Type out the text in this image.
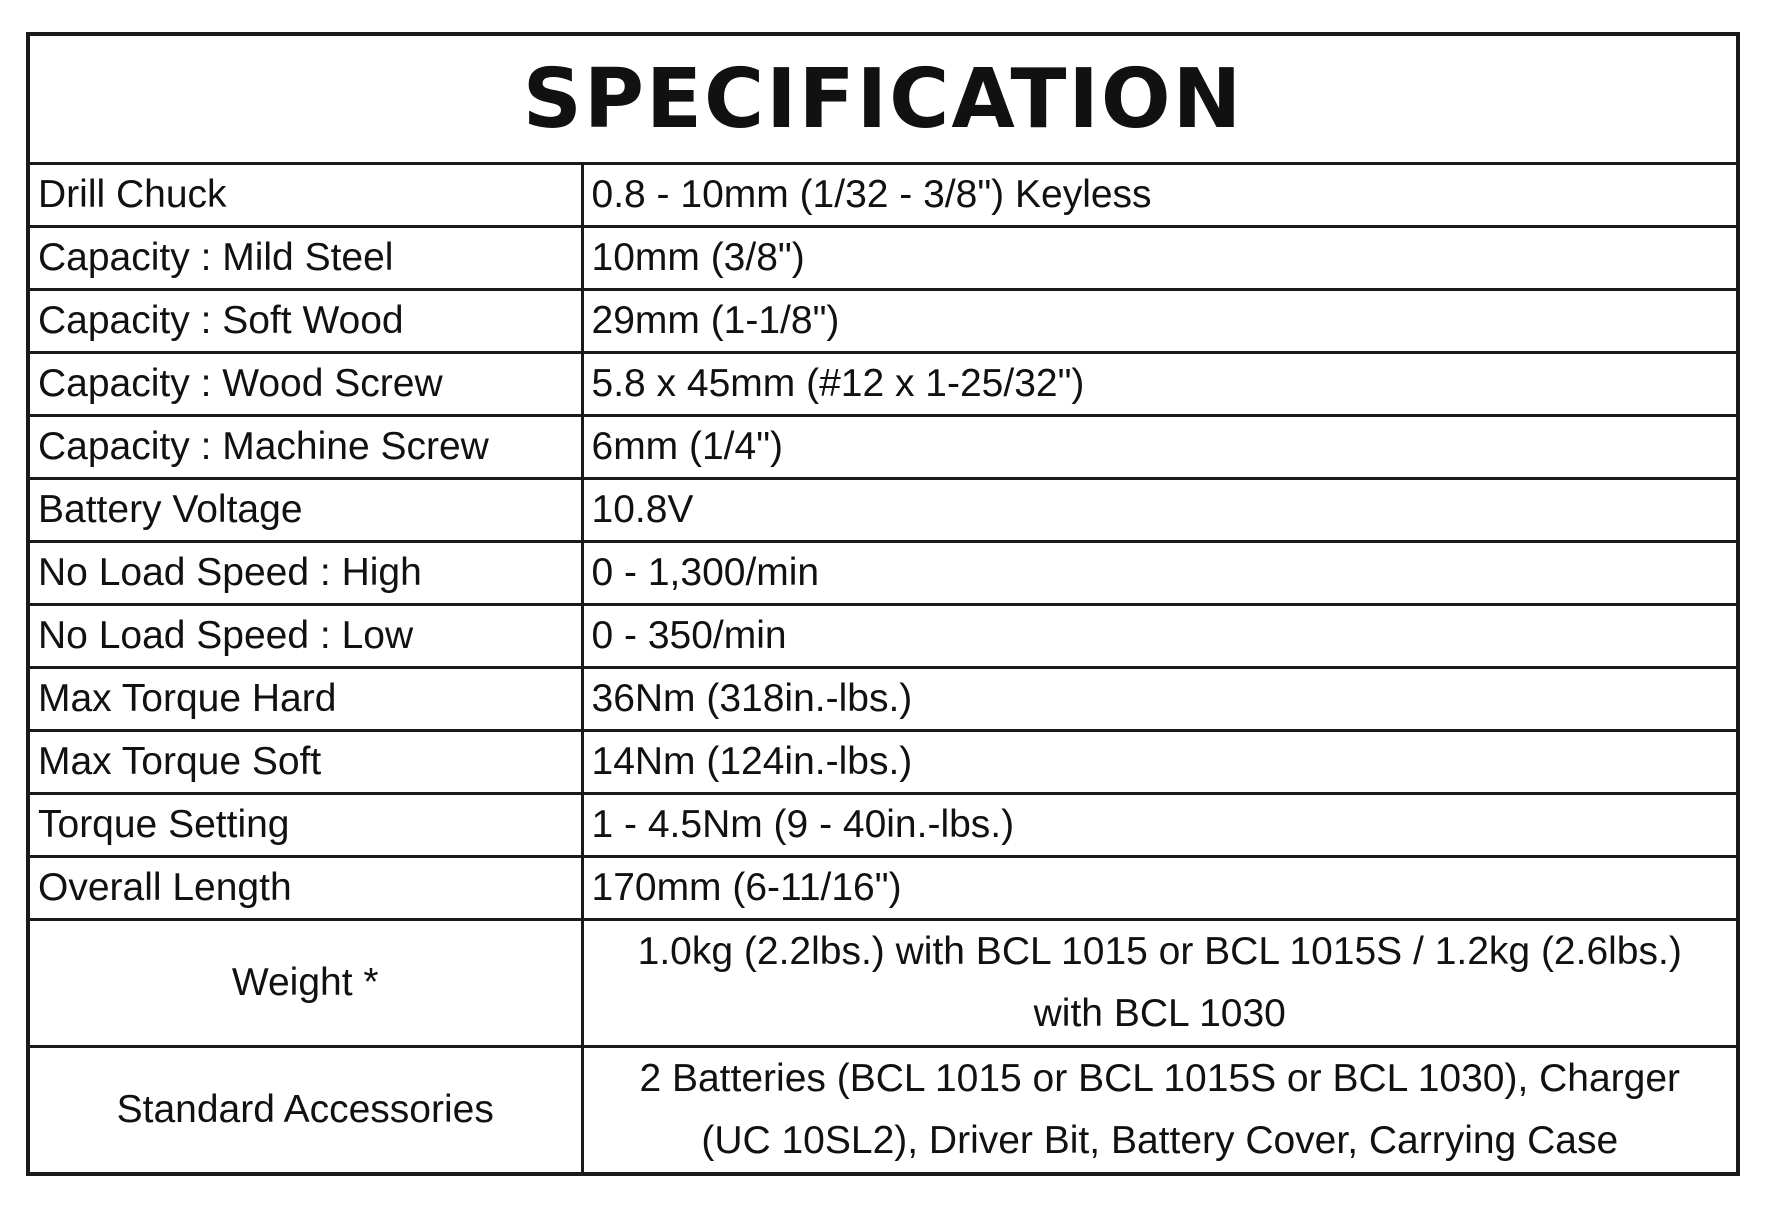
SPECIFICATION
Drill Chuck	0.8 - 10mm (1/32 - 3/8") Keyless
Capacity : Mild Steel	10mm (3/8")
Capacity : Soft Wood	29mm (1-1/8")
Capacity : Wood Screw	5.8 x 45mm (#12 x 1-25/32")
Capacity : Machine Screw	6mm (1/4")
Battery Voltage	10.8V
No Load Speed : High	0 - 1,300/min
No Load Speed : Low	0 - 350/min
Max Torque Hard	36Nm (318in.-lbs.)
Max Torque Soft	14Nm (124in.-lbs.)
Torque Setting	1 - 4.5Nm (9 - 40in.-lbs.)
Overall Length	170mm (6-11/16")
Weight *	1.0kg (2.2lbs.) with BCL 1015 or BCL 1015S / 1.2kg (2.6lbs.) with BCL 1030
Standard Accessories	2 Batteries (BCL 1015 or BCL 1015S or BCL 1030), Charger (UC 10SL2), Driver Bit, Battery Cover, Carrying Case
